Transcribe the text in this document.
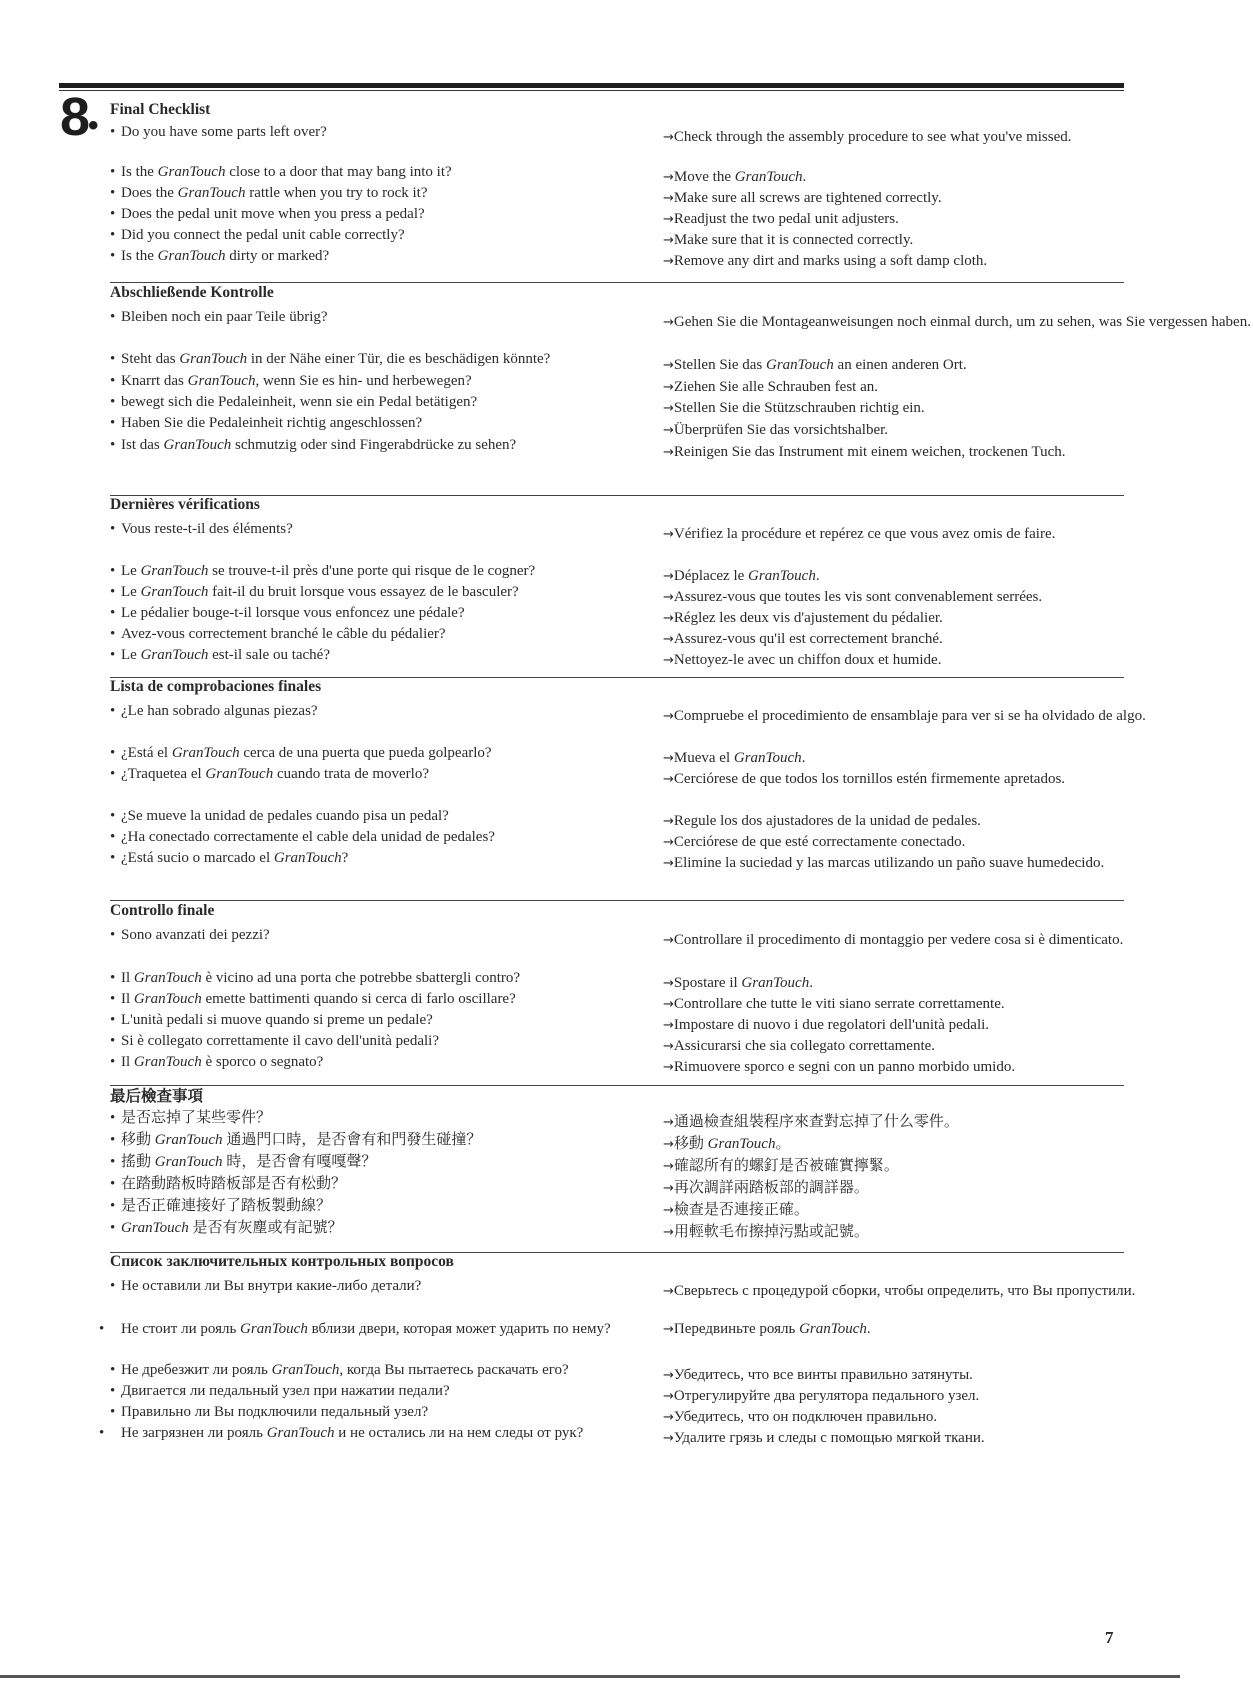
8• Final Checklist
• Do you have some parts left over?
• Is the GranTouch close to a door that may bang into it?
• Does the GranTouch rattle when you try to rock it?
• Does the pedal unit move when you press a pedal?
• Did you connect the pedal unit cable correctly?
• Is the GranTouch dirty or marked?
→Check through the assembly procedure to see what you've missed.
→Move the GranTouch.
→Make sure all screws are tightened correctly.
→Readjust the two pedal unit adjusters.
→Make sure that it is connected correctly.
→Remove any dirt and marks using a soft damp cloth.
Abschließende Kontrolle
• Bleiben noch ein paar Teile übrig?
• Steht das GranTouch in der Nähe einer Tür, die es beschädigen könnte?
• Knarrt das GranTouch, wenn Sie es hin- und herbewegen?
• bewegt sich die Pedaleinheit, wenn sie ein Pedal betätigen?
• Haben Sie die Pedaleinheit richtig angeschlossen?
• Ist das GranTouch schmutzig oder sind Fingerabdrücke zu sehen?
→Gehen Sie die Montageanweisungen noch einmal durch, um zu sehen, was Sie vergessen haben.
→Stellen Sie das GranTouch an einen anderen Ort.
→Ziehen Sie alle Schrauben fest an.
→Stellen Sie die Stützschrauben richtig ein.
→Überprüfen Sie das vorsichtshalber.
→Reinigen Sie das Instrument mit einem weichen, trockenen Tuch.
Dernières vérifications
• Vous reste-t-il des éléments?
• Le GranTouch se trouve-t-il près d'une porte qui risque de le cogner?
• Le GranTouch fait-il du bruit lorsque vous essayez de le basculer?
• Le pédalier bouge-t-il lorsque vous enfoncez une pédale?
• Avez-vous correctement branché le câble du pédalier?
• Le GranTouch est-il sale ou taché?
→Vérifiez la procédure et repérez ce que vous avez omis de faire.
→Déplacez le GranTouch.
→Assurez-vous que toutes les vis sont convenablement serrées.
→Réglez les deux vis d'ajustement du pédalier.
→Assurez-vous qu'il est correctement branché.
→Nettoyez-le avec un chiffon doux et humide.
Lista de comprobaciones finales
• ¿Le han sobrado algunas piezas?
• ¿Está el GranTouch cerca de una puerta que pueda golpearlo?
• ¿Traquetea el GranTouch cuando trata de moverlo?
• ¿Se mueve la unidad de pedales cuando pisa un pedal?
• ¿Ha conectado correctamente el cable dela unidad de pedales?
• ¿Está sucio o marcado el GranTouch?
→Compruebe el procedimiento de ensamblaje para ver si se ha olvidado de algo.
→Mueva el GranTouch.
→Cerciórese de que todos los tornillos estén firmemente apretados.
→Regule los dos ajustadores de la unidad de pedales.
→Cerciórese de que esté correctamente conectado.
→Elimine la suciedad y las marcas utilizando un paño suave humedecido.
Controllo finale
• Sono avanzati dei pezzi?
• Il GranTouch è vicino ad una porta che potrebbe sbattergli contro?
• Il GranTouch emette battimenti quando si cerca di farlo oscillare?
• L'unità pedali si muove quando si preme un pedale?
• Si è collegato correttamente il cavo dell'unità pedali?
• Il GranTouch è sporco o segnato?
→Controllare il procedimento di montaggio per vedere cosa si è dimenticato.
→Spostare il GranTouch.
→Controllare che tutte le viti siano serrate correttamente.
→Impostare di nuovo i due regolatori dell'unità pedali.
→Assicurarsi che sia collegato correttamente.
→Rimuovere sporco e segni con un panno morbido umido.
最后檢查事項
• 是否忘掉了某些零件？
• 移動 GranTouch 通過門口時，是否會有和門發生碰撞？
• 搖動 GranTouch 時，是否會有嘎嘎聲？
• 在踏動踏板時踏板部是否有松動？
• 是否正確連接好了踏板製動線？
• GranTouch 是否有灰塵或有記號？
→通過檢查組裝程序來查對忘掉了什么零件。
→移動 GranTouch。
→確認所有的螺釘是否被確實擰緊。
→再次調詳兩踏板部的調詳器。
→檢查是否連接正確。
→用輕軟毛布擦掉污點或記號。
Список заключительных контрольных вопросов
• Не оставили ли Вы внутри какие-либо детали?
• Не стоит ли рояль GranTouch вблизи двери, которая может ударить по нему?
• Не дребезжит ли рояль GranTouch, когда Вы пытаетесь раскачать его?
• Двигается ли педальный узел при нажатии педали?
• Правильно ли Вы подключили педальный узел?
• Не загрязнен ли рояль GranTouch и не остались ли на нем следы от рук?
→Сверьтесь с процедурой сборки, чтобы определить, что Вы пропустили.
→Передвиньте рояль GranTouch.
→Убедитесь, что все винты правильно затянуты.
→Отрегулируйте два регулятора педального узел.
→Убедитесь, что он подключен правильно.
→Удалите грязь и следы с помощью мягкой ткани.
7
